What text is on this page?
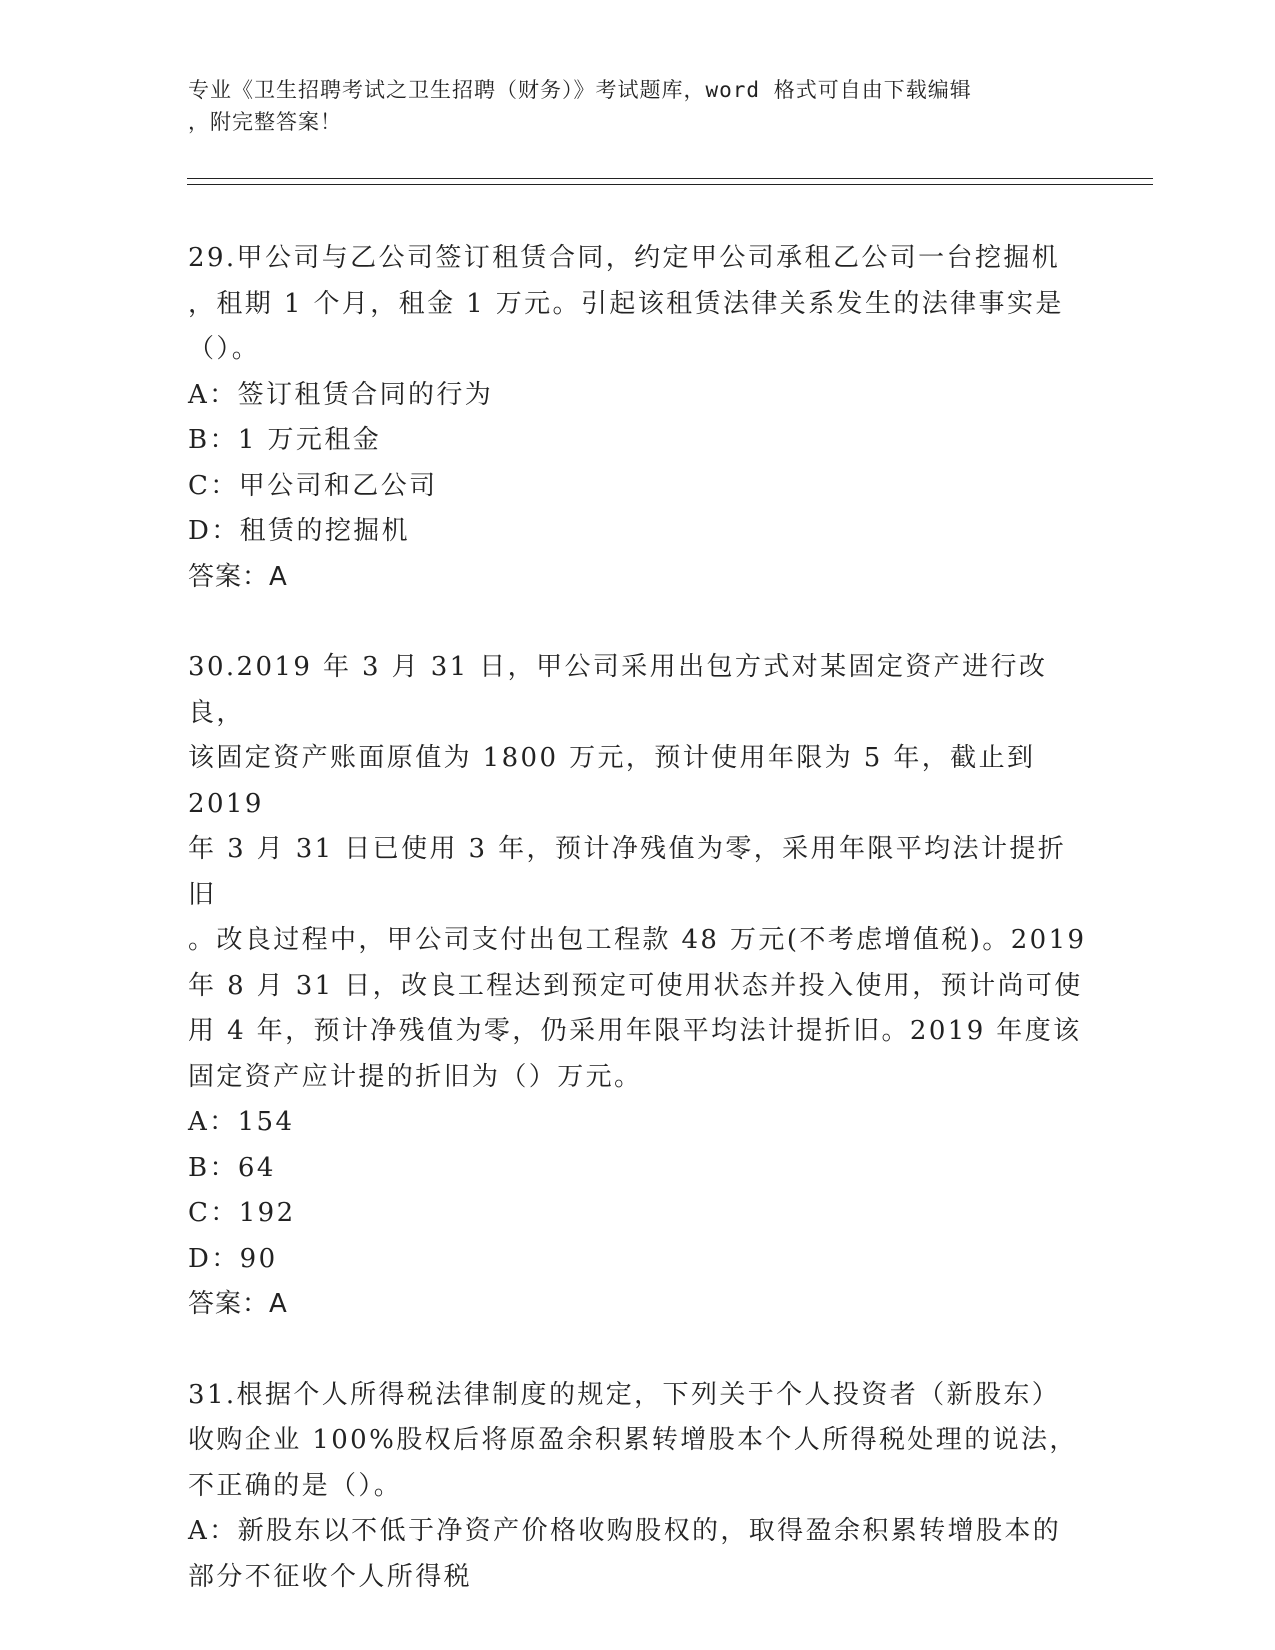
专业《卫生招聘考试之卫生招聘（财务）》考试题库，word 格式可自由下载编辑
，附完整答案！
29.甲公司与乙公司签订租赁合同，约定甲公司承租乙公司一台挖掘机
，租期 1 个月，租金 1 万元。引起该租赁法律关系发生的法律事实是
（）。
A：签订租赁合同的行为
B：1 万元租金
C：甲公司和乙公司
D：租赁的挖掘机
答案：A
30.2019 年 3 月 31 日，甲公司采用出包方式对某固定资产进行改良，
该固定资产账面原值为 1800 万元，预计使用年限为 5 年，截止到 2019
年 3 月 31 日已使用 3 年，预计净残值为零，采用年限平均法计提折旧
。改良过程中，甲公司支付出包工程款 48 万元(不考虑增值税)。2019
年 8 月 31 日，改良工程达到预定可使用状态并投入使用，预计尚可使
用 4 年，预计净残值为零，仍采用年限平均法计提折旧。2019 年度该
固定资产应计提的折旧为（）万元。
A：154
B：64
C：192
D：90
答案：A
31.根据个人所得税法律制度的规定，下列关于个人投资者（新股东）
收购企业 100%股权后将原盈余积累转增股本个人所得税处理的说法，
不正确的是（）。
A：新股东以不低于净资产价格收购股权的，取得盈余积累转增股本的
部分不征收个人所得税
